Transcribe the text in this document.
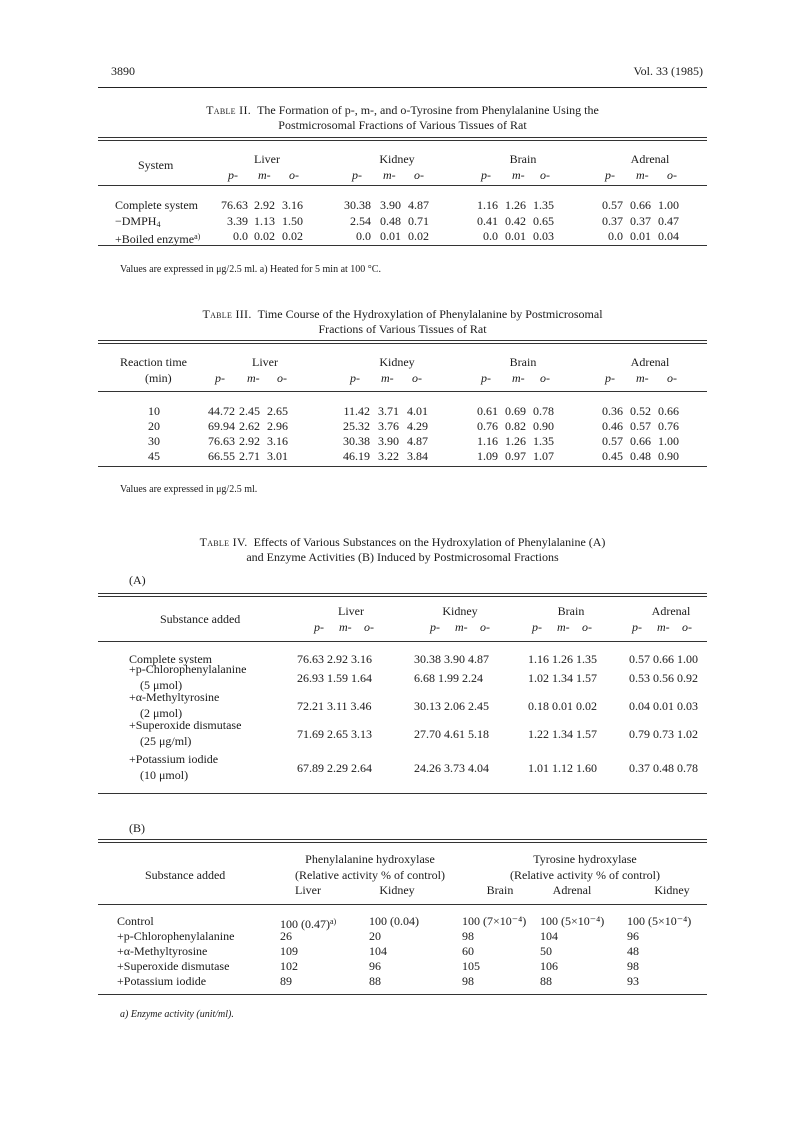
3890	Vol. 33 (1985)
Table II. The Formation of p-, m-, and o-Tyrosine from Phenylalanine Using the
Postmicrosomal Fractions of Various Tissues of Rat
System	Liver	Kidney	Brain	Adrenal
p- m- o-	p- m- o-	p- m- o-	p- m- o-
Complete system	76.63 2.92 3.16	30.38 3.90 4.87	1.16 1.26 1.35	0.57 0.66 1.00
$-DMPH_4$	3.39 1.13 1.50	2.54 0.48 0.71	0.41 0.42 0.65	0.37 0.37 0.47
+Boiled enzyme$^{a)}$	0.0 0.02 0.02	0.0 0.01 0.02	0.0 0.01 0.03	0.0 0.01 0.04
Values are expressed in μg/2.5 ml. a) Heated for 5 min at 100 °C.
Table III. Time Course of the Hydroxylation of Phenylalanine by Postmicrosomal
Fractions of Various Tissues of Rat
Reaction time
(min)
Liver	Kidney	Brain	Adrenal
p- m- o-	p- m- o-	p- m- o-	p- m- o-
10	44.72 2.45 2.65	11.42 3.71 4.01	0.61 0.69 0.78	0.36 0.52 0.66
20	69.94 2.62 2.96	25.32 3.76 4.29	0.76 0.82 0.90	0.46 0.57 0.76
30	76.63 2.92 3.16	30.38 3.90 4.87	1.16 1.26 1.35	0.57 0.66 1.00
45	66.55 2.71 3.01	46.19 3.22 3.84	1.09 0.97 1.07	0.45 0.48 0.90
Values are expressed in μg/2.5 ml.
Table IV. Effects of Various Substances on the Hydroxylation of Phenylalanine (A)
and Enzyme Activities (B) Induced by Postmicrosomal Fractions
(A)
Substance added
Liver	Kidney	Brain	Adrenal
p- m- o-	p- m- o-	p- m- o-	p- m- o-
Complete system	76.63 2.92 3.16	30.38 3.90 4.87	1.16 1.26 1.35	0.57 0.66 1.00
+p-Chlorophenylalanine
(5 μmol)	26.93 1.59 1.64	6.68 1.99 2.24	1.02 1.34 1.57	0.53 0.56 0.92
+α-Methyltyrosine
(2 μmol)	72.21 3.11 3.46	30.13 2.06 2.45	0.18 0.01 0.02	0.04 0.01 0.03
+Superoxide dismutase
(25 μg/ml)	71.69 2.65 3.13	27.70 4.61 5.18	1.22 1.34 1.57	0.79 0.73 1.02
+Potassium iodide
(10 μmol)	67.89 2.29 2.64	24.26 3.73 4.04	1.01 1.12 1.60	0.37 0.48 0.78
(B)
Substance added
Phenylalanine hydroxylase
(Relative activity % of control)
Tyrosine hydroxylase
(Relative activity % of control)
Liver	Kidney	Brain	Adrenal	Kidney
Control	100 $(0.47)^{a)}$	100 (0.04)	100 (7×10⁻⁴) 100 (5×10⁻⁴) 100 (5×10⁻⁴)
+p-Chlorophenylalanine	26	20	98	104	96
+α-Methyltyrosine	109	104	60	50	48
+Superoxide dismutase	102	96	105	106	98
+Potassium iodide	89	88	98	88	93
a) Enzyme activity (unit/ml).
